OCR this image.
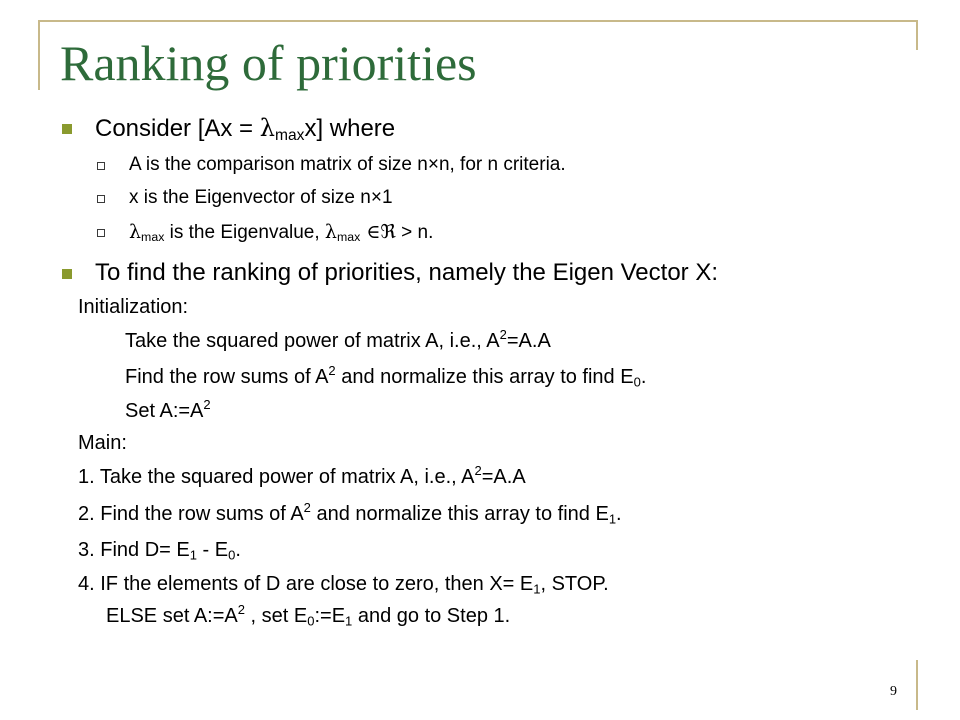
Ranking of priorities
Consider $[Ax = \lambda_{max}x]$ where
A is the comparison matrix of size n×n, for n criteria.
x is the Eigenvector of size n×1
$\lambda_{max}$ is the Eigenvalue, $\lambda_{max}$ ∈ℜ > n.
To find the ranking of priorities, namely the Eigen Vector X:
Initialization:
Take the squared power of matrix A, i.e., $A^2=A.A$
Find the row sums of $A^2$ and normalize this array to find $E_0$.
Set $A:=A^2$
Main:
1. Take the squared power of matrix A, i.e., $A^2=A.A$
2. Find the row sums of $A^2$ and normalize this array to find $E_1$.
3. Find $D= E_1 - E_0$.
4. IF the elements of D are close to zero, then $X= E_1$, STOP.
ELSE set $A:=A^2$ , set $E_0:=E_1$ and go to Step 1.
9
